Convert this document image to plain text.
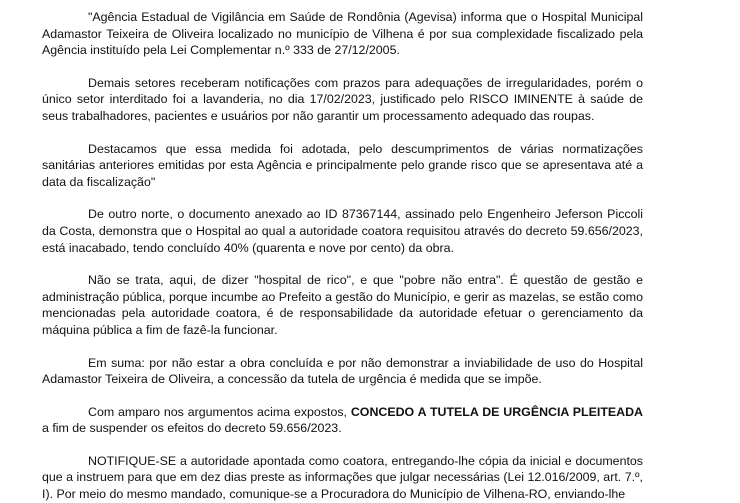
"Agência Estadual de Vigilância em Saúde de Rondônia (Agevisa) informa que o Hospital Municipal Adamastor Teixeira de Oliveira localizado no município de Vilhena é por sua complexidade fiscalizado pela Agência instituído pela Lei Complementar n.º 333 de 27/12/2005.

Demais setores receberam notificações com prazos para adequações de irregularidades, porém o único setor interditado foi a lavanderia, no dia 17/02/2023, justificado pelo RISCO IMINENTE à saúde de seus trabalhadores, pacientes e usuários por não garantir um processamento adequado das roupas.

Destacamos que essa medida foi adotada, pelo descumprimentos de várias normatizações sanitárias anteriores emitidas por esta Agência e principalmente pelo grande risco que se apresentava até a data da fiscalização"

De outro norte, o documento anexado ao ID 87367144, assinado pelo Engenheiro Jeferson Piccoli da Costa, demonstra que o Hospital ao qual a autoridade coatora requisitou através do decreto 59.656/2023, está inacabado, tendo concluído 40% (quarenta e nove por cento) da obra.

Não se trata, aqui, de dizer "hospital de rico", e que "pobre não entra". É questão de gestão e administração pública, porque incumbe ao Prefeito a gestão do Município, e gerir as mazelas, se estão como mencionadas pela autoridade coatora, é de responsabilidade da autoridade efetuar o gerenciamento da máquina pública a fim de fazê-la funcionar.

Em suma: por não estar a obra concluída e por não demonstrar a inviabilidade de uso do Hospital Adamastor Teixeira de Oliveira, a concessão da tutela de urgência é medida que se impõe.

Com amparo nos argumentos acima expostos, CONCEDO A TUTELA DE URGÊNCIA PLEITEADA a fim de suspender os efeitos do decreto 59.656/2023.

NOTIFIQUE-SE a autoridade apontada como coatora, entregando-lhe cópia da inicial e documentos que a instruem para que em dez dias preste as informações que julgar necessárias (Lei 12.016/2009, art. 7.º, I). Por meio do mesmo mandado, comunique-se a Procuradora do Município de Vilhena-RO, enviando-lhe
